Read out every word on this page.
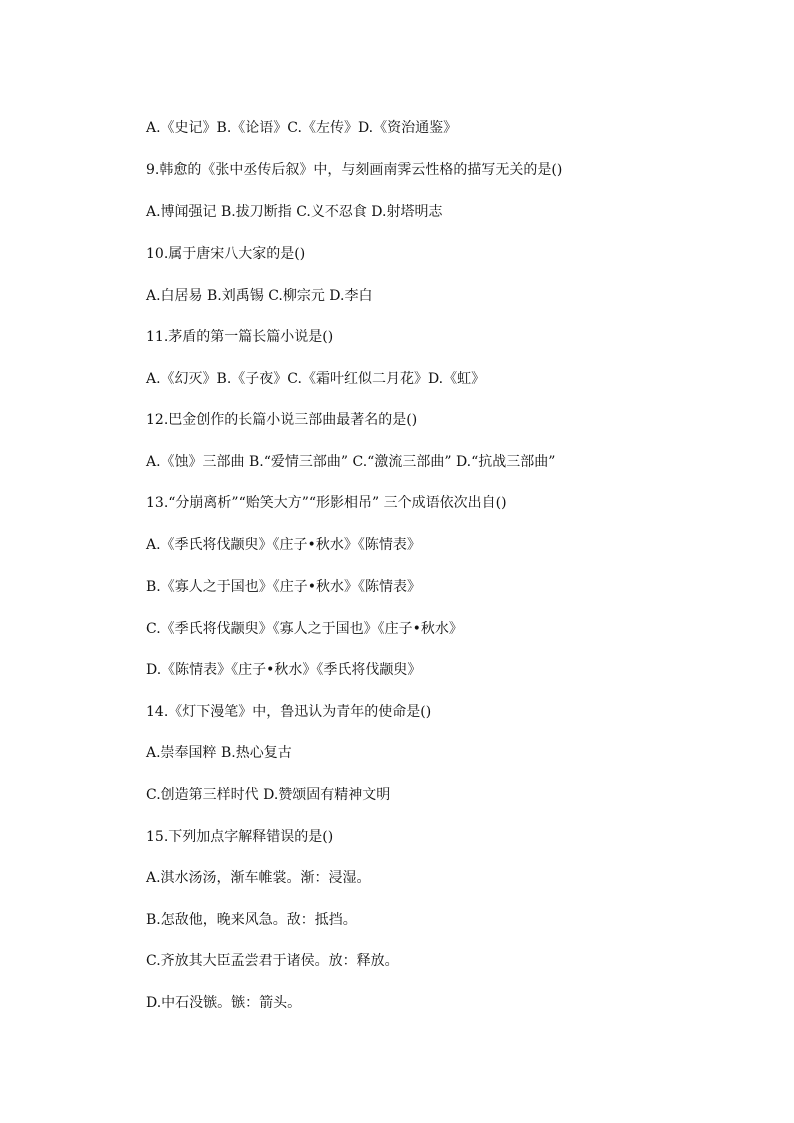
A.《史记》B.《论语》C.《左传》D.《资治通鉴》
9.韩愈的《张中丞传后叙》中，与刻画南霁云性格的描写无关的是()
A.博闻强记 B.拔刀断指 C.义不忍食 D.射塔明志
10.属于唐宋八大家的是()
A.白居易 B.刘禹锡 C.柳宗元 D.李白
11.茅盾的第一篇长篇小说是()
A.《幻灭》B.《子夜》C.《霜叶红似二月花》D.《虹》
12.巴金创作的长篇小说三部曲最著名的是()
A.《蚀》三部曲 B.“爱情三部曲” C.“激流三部曲” D.“抗战三部曲”
13.“分崩离析”“贻笑大方”“形影相吊” 三个成语依次出自()
A.《季氏将伐颛臾》《庄子•秋水》《陈情表》
B.《寡人之于国也》《庄子•秋水》《陈情表》
C.《季氏将伐颛臾》《寡人之于国也》《庄子•秋水》
D.《陈情表》《庄子•秋水》《季氏将伐颛臾》
14.《灯下漫笔》中，鲁迅认为青年的使命是()
A.崇奉国粹 B.热心复古
C.创造第三样时代 D.赞颂固有精神文明
15.下列加点字解释错误的是()
A.淇水汤汤，渐车帷裳。渐：浸湿。
B.怎敌他，晚来风急。敌：抵挡。
C.齐放其大臣孟尝君于诸侯。放：释放。
D.中石没镞。镞：箭头。
